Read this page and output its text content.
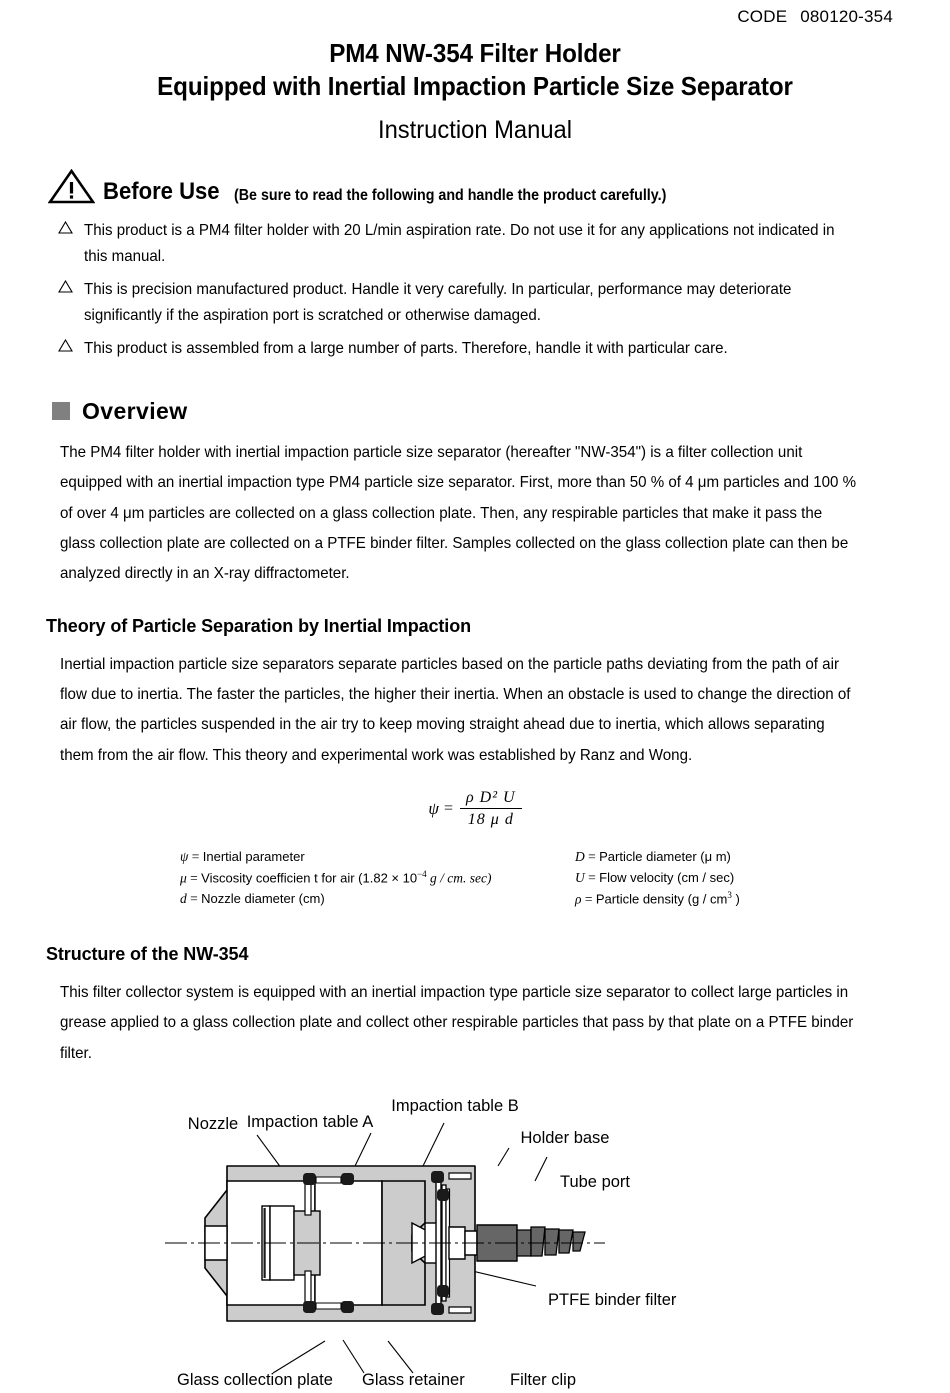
CODE 080120-354
PM4 NW-354 Filter Holder
Equipped with Inertial Impaction Particle Size Separator
Instruction Manual
Before Use (Be sure to read the following and handle the product carefully.)
This product is a PM4 filter holder with 20 L/min aspiration rate. Do not use it for any applications not indicated in this manual.
This is precision manufactured product. Handle it very carefully. In particular, performance may deteriorate significantly if the aspiration port is scratched or otherwise damaged.
This product is assembled from a large number of parts. Therefore, handle it with particular care.
Overview
The PM4 filter holder with inertial impaction particle size separator (hereafter "NW-354") is a filter collection unit equipped with an inertial impaction type PM4 particle size separator. First, more than 50 % of 4 μm particles and 100 % of over 4 μm particles are collected on a glass collection plate. Then, any respirable particles that make it pass the glass collection plate are collected on a PTFE binder filter. Samples collected on the glass collection plate can then be analyzed directly in an X-ray diffractometer.
Theory of Particle Separation by Inertial Impaction
Inertial impaction particle size separators separate particles based on the particle paths deviating from the path of air flow due to inertia. The faster the particles, the higher their inertia. When an obstacle is used to change the direction of air flow, the particles suspended in the air try to keep moving straight ahead due to inertia, which allows separating them from the air flow. This theory and experimental work was established by Ranz and Wong.
$\psi = \frac{\text{ρ D² U}}{\text{18 μ d}}$
ψ = Inertial parameter
μ = Viscosity coefficien t for air ($1.82 \times 10^{-4}$ g / cm. sec)
d = Nozzle diameter (cm)
D = Particle diameter (μ m)
U = Flow velocity (cm / sec)
ρ = Particle density ($g / cm^3$ )
Structure of the NW-354
This filter collector system is equipped with an inertial impaction type particle size separator to collect large particles in grease applied to a glass collection plate and collect other respirable particles that pass by that plate on a PTFE binder filter.
Nozzle Impaction table A
Impaction table B
Holder base
Tube port
PTFE binder filter
Glass collection plate Glass retainer	Filter clip
